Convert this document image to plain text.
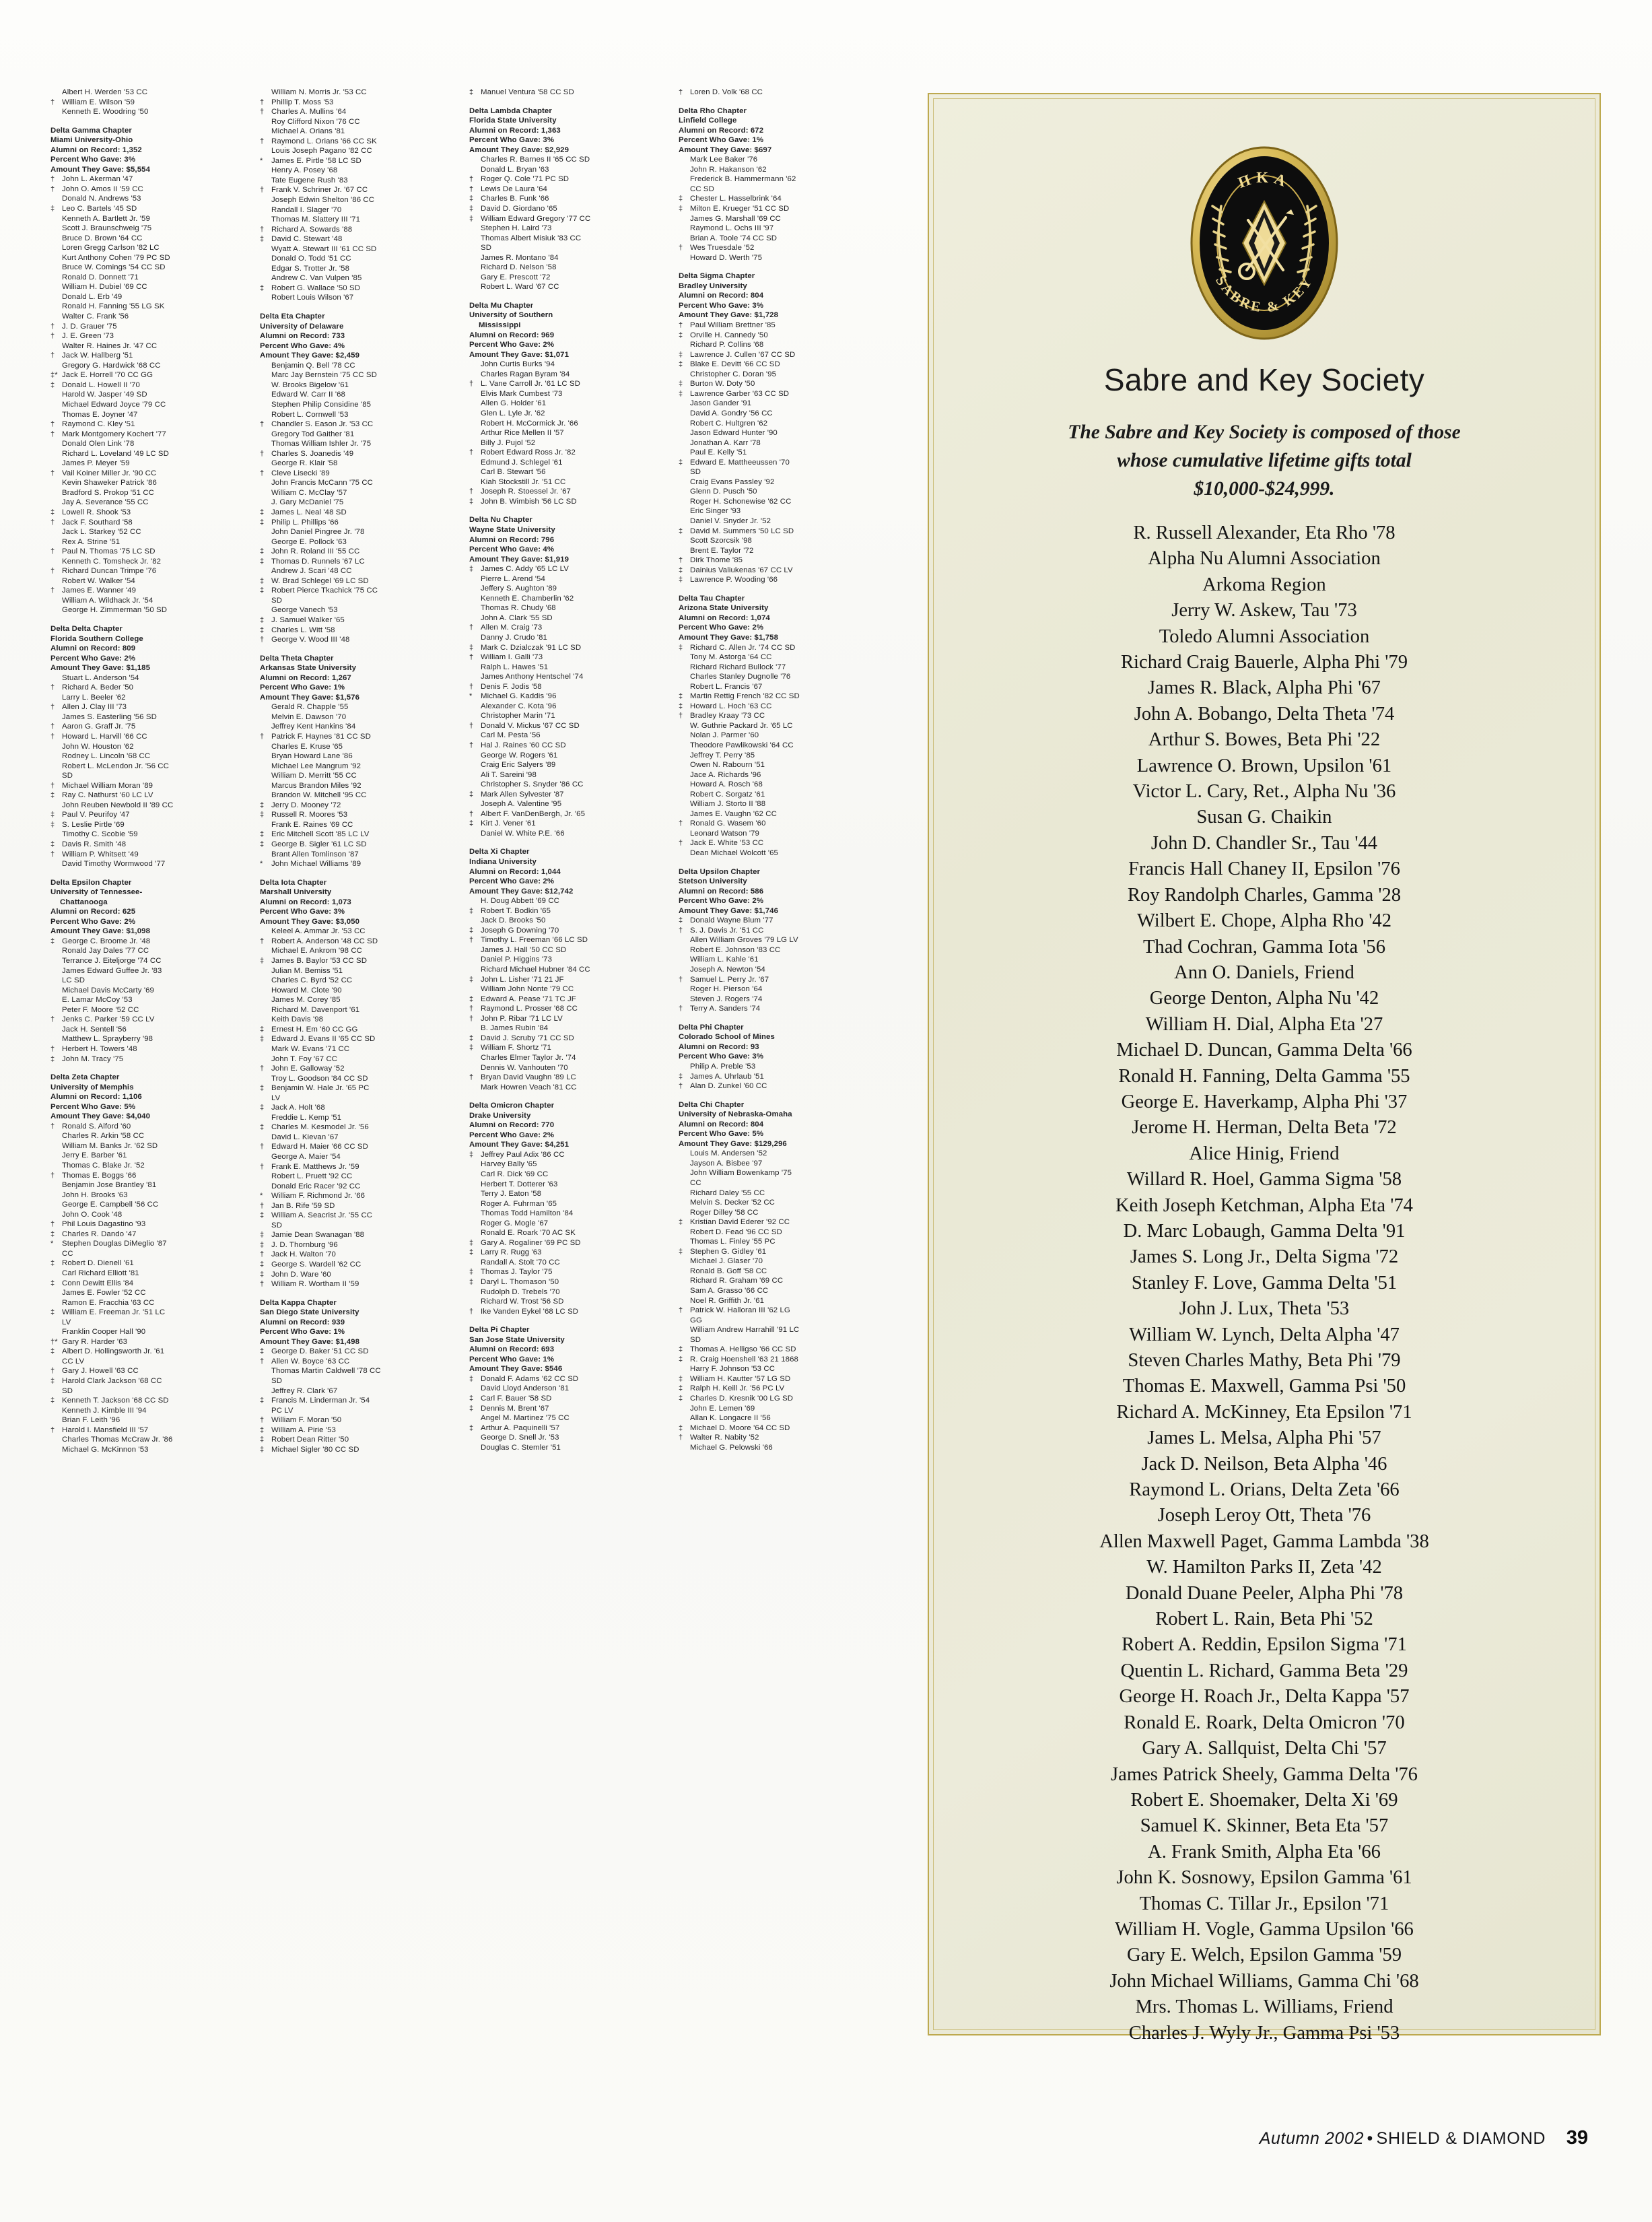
Albert H. Werden '53 CC
† William E. Wilson '59
Kenneth E. Woodring '50
Delta Gamma Chapter
Miami University-Ohio
Alumni on Record: 1,352
Percent Who Gave: 3%
Amount They Gave: $5,554
† John L. Akerman '47
† John O. Amos II '59 CC
Donald N. Andrews '53
‡ Leo C. Bartels '45 SD
Kenneth A. Bartlett Jr. '59
Scott J. Braunschweig '75
Bruce D. Brown '64 CC
Loren Gregg Carlson '82 LC
Kurt Anthony Cohen '79 PC SD
Bruce W. Comings '54 CC SD
Ronald D. Donnett '71
William H. Dubiel '69 CC
Donald L. Erb '49
Ronald H. Fanning '55 LG SK
Walter C. Frank '56
† J. D. Grauer '75
† J. E. Green '73
Walter R. Haines Jr. '47 CC
† Jack W. Hallberg '51
Gregory G. Hardwick '68 CC
‡* Jack E. Horrell '70 CC GG
‡ Donald L. Howell II '70
Harold W. Jasper '49 SD
Michael Edward Joyce '79 CC
Thomas E. Joyner '47
† Raymond C. Kley '51
† Mark Montgomery Kochert '77
Donald Olen Link '78
Richard L. Loveland '49 LC SD
James P. Meyer '59
† Vail Koiner Miller Jr. '90 CC
Kevin Shaweker Patrick '86
Bradford S. Prokop '51 CC
Jay A. Severance '55 CC
‡ Lowell R. Shook '53
† Jack F. Southard '58
Jack L. Starkey '52 CC
Rex A. Strine '51
† Paul N. Thomas '75 LC SD
Kenneth C. Tomsheck Jr. '82
† Richard Duncan Trimpe '76
Robert W. Walker '54
† James E. Wanner '49
William A. Wildhack Jr. '54
George H. Zimmerman '50 SD
Delta Delta Chapter
Florida Southern College
Alumni on Record: 809
Percent Who Gave: 2%
Amount They Gave: $1,185
Stuart L. Anderson '54
† Richard A. Beder '50
Larry L. Beeler '62
† Allen J. Clay III '73
James S. Easterling '56 SD
† Aaron G. Graff Jr. '75
† Howard L. Harvill '66 CC
John W. Houston '62
Rodney L. Lincoln '68 CC
Robert L. McLendon Jr. '56 CC
SD
† Michael William Moran '89
‡ Ray C. Nathurst '60 LC LV
John Reuben Newbold II '89 CC
‡ Paul V. Peurifoy '47
‡ S. Leslie Pirtle '69
Timothy C. Scobie '59
‡ Davis R. Smith '48
† William P. Whitsett '49
David Timothy Wormwood '77
Delta Epsilon Chapter
University of Tennessee-
Chattanooga
Alumni on Record: 625
Percent Who Gave: 2%
Amount They Gave: $1,098
‡ George C. Broome Jr. '48
Ronald Jay Dales '77 CC
Terrance J. Eiteljorge '74 CC
James Edward Guffee Jr. '83
LC SD
Michael Davis McCarty '69
E. Lamar McCoy '53
Peter F. Moore '52 CC
† Jenks C. Parker '59 CC LV
Jack H. Sentell '56
Matthew L. Sprayberry '98
† Herbert H. Towers '48
‡ John M. Tracy '75
Delta Zeta Chapter
University of Memphis
Alumni on Record: 1,106
Percent Who Gave: 5%
Amount They Gave: $4,040
† Ronald S. Alford '60
Charles R. Arkin '58 CC
William M. Banks Jr. '62 SD
Jerry E. Barber '61
Thomas C. Blake Jr. '52
† Thomas E. Boggs '66
Benjamin Jose Brantley '81
John H. Brooks '63
George E. Campbell '56 CC
John O. Cook '48
† Phil Louis Dagastino '93
‡ Charles R. Dando '47
*	Stephen Douglas DiMeglio '87
CC
‡ Robert D. Dienell '61
Carl Richard Elliott '81
‡ Conn Dewitt Ellis '84
James E. Fowler '52 CC
Ramon E. Fracchia '63 CC
‡ William E. Freeman Jr. '51 LC
LV
Franklin Cooper Hall '90
†* Gary R. Harder '63
‡ Albert D. Hollingsworth Jr. '61
CC LV
† Gary J. Howell '63 CC
‡ Harold Clark Jackson '68 CC
SD
‡ Kenneth T. Jackson '68 CC SD
Kenneth J. Kimble III '94
Brian F. Leith '96
† Harold I. Mansfield III '57
Charles Thomas McCraw Jr. '86
Michael G. McKinnon '53
William N. Morris Jr. '53 CC
† Phillip T. Moss '53
† Charles A. Mullins '64
Roy Clifford Nixon '76 CC
Michael A. Orians '81
† Raymond L. Orians '66 CC SK
Louis Joseph Pagano '82 CC
*	James E. Pirtle '58 LC SD
Henry A. Posey '68
Tate Eugene Rush '83
† Frank V. Schriner Jr. '67 CC
Joseph Edwin Shelton '86 CC
Randall I. Slager '70
Thomas M. Slattery III '71
† Richard A. Sowards '88
‡ David C. Stewart '48
Wyatt A. Stewart III '61 CC SD
Donald O. Todd '51 CC
Edgar S. Trotter Jr. '58
Andrew C. Van Vulpen '85
‡ Robert G. Wallace '50 SD
Robert Louis Wilson '67
Delta Eta Chapter
University of Delaware
Alumni on Record: 733
Percent Who Gave: 4%
Amount They Gave: $2,459
Benjamin Q. Bell '78 CC
Marc Jay Bernstein '75 CC SD
W. Brooks Bigelow '61
Edward W. Carr II '68
Stephen Philip Considine '85
Robert L. Cornwell '53
† Chandler S. Eason Jr. '53 CC
Gregory Tod Gaither '81
Thomas William Ishler Jr. '75
† Charles S. Joanedis '49
George R. Klair '58
† Cleve Lisecki '89
John Francis McCann '75 CC
William C. McClay '57
J. Gary McDaniel '75
‡ James L. Neal '48 SD
‡ Philip L. Phillips '66
John Daniel Pingree Jr. '78
George E. Pollock '63
‡ John R. Roland III '55 CC
‡ Thomas D. Runnels '67 LC
Andrew J. Scari '48 CC
‡ W. Brad Schlegel '69 LC SD
‡ Robert Pierce Tkachick '75 CC
SD
George Vanech '53
‡ J. Samuel Walker '65
‡ Charles L. Witt '58
† George V. Wood III '48
Delta Theta Chapter
Arkansas State University
Alumni on Record: 1,267
Percent Who Gave: 1%
Amount They Gave: $1,576
Gerald R. Chapple '55
Melvin E. Dawson '70
Jeffrey Kent Hankins '84
† Patrick F. Haynes '81 CC SD
Charles E. Kruse '65
Bryan Howard Lane '86
Michael Lee Mangrum '92
William D. Merritt '55 CC
Marcus Brandon Miles '92
Brandon W. Mitchell '95 CC
‡ Jerry D. Mooney '72
‡ Russell R. Moores '53
Frank E. Raines '69 CC
‡ Eric Mitchell Scott '85 LC LV
‡ George B. Sigler '61 LC SD
Brant Allen Tomlinson '87
*	John Michael Williams '89
Delta Iota Chapter
Marshall University
Alumni on Record: 1,073
Percent Who Gave: 3%
Amount They Gave: $3,050
Keleel A. Ammar Jr. '53 CC
† Robert A. Anderson '48 CC SD
Michael E. Ankrom '98 CC
‡ James B. Baylor '53 CC SD
Julian M. Bemiss '51
Charles C. Byrd '52 CC
Howard M. Clote '90
James M. Corey '85
Richard M. Davenport '61
Keith Davis '98
‡ Ernest H. Em '60 CC GG
‡ Edward J. Evans II '65 CC SD
Mark W. Evans '71 CC
John T. Foy '67 CC
† John E. Galloway '52
Troy L. Goodson '84 CC SD
‡ Benjamin W. Hale Jr. '65 PC
LV
‡ Jack A. Holt '68
Freddie L. Kemp '51
‡ Charles M. Kesmodel Jr. '56
David L. Kievan '67
† Edward H. Maier '66 CC SD
George A. Maier '54
† Frank E. Matthews Jr. '59
Robert L. Pruett '92 CC
Donald Eric Racer '92 CC
*	William F. Richmond Jr. '66
† Jan B. Rife '59 SD
‡ William A. Seacrist Jr. '55 CC
SD
‡ Jamie Dean Swanagan '88
‡ J. D. Thornburg '96
† Jack H. Walton '70
‡ George S. Wardell '62 CC
‡ John D. Ware '60
† William R. Wortham II '59
Delta Kappa Chapter
San Diego State University
Alumni on Record: 939
Percent Who Gave: 1%
Amount They Gave: $1,498
‡ George D. Baker '51 CC SD
† Allen W. Boyce '63 CC
Thomas Martin Caldwell '78 CC
SD
Jeffrey R. Clark '67
‡ Francis M. Linderman Jr. '54
PC LV
† William F. Moran '50
‡ William A. Pirie '53
‡ Robert Dean Ritter '50
‡ Michael Sigler '80 CC SD
‡ Manuel Ventura '58 CC SD
Delta Lambda Chapter
Florida State University
Alumni on Record: 1,363
Percent Who Gave: 3%
Amount They Gave: $2,929
Charles R. Barnes II '65 CC SD
Donald L. Bryan '63
† Roger Q. Cole '71 PC SD
† Lewis De Laura '64
‡ Charles B. Funk '66
‡ David D. Giordano '65
‡ William Edward Gregory '77 CC
Stephen H. Laird '73
Thomas Albert Misiuk '83 CC
SD
James R. Montano '84
Richard D. Nelson '58
Gary E. Prescott '72
Robert L. Ward '67 CC
Delta Mu Chapter
University of Southern
Mississippi
Alumni on Record: 969
Percent Who Gave: 2%
Amount They Gave: $1,071
John Curtis Burks '94
Charles Ragan Byram '84
† L. Vane Carroll Jr. '61 LC SD
Elvis Mark Cumbest '73
Allen G. Holder '61
Glen L. Lyle Jr. '62
Robert H. McCormick Jr. '66
Arthur Rice Mellen II '57
Billy J. Pujol '52
† Robert Edward Ross Jr. '82
Edmund J. Schlegel '61
Carl B. Stewart '56
Kiah Stockstill Jr. '51 CC
† Joseph R. Stoessel Jr. '67
‡ John B. Wimbish '56 LC SD
Delta Nu Chapter
Wayne State University
Alumni on Record: 796
Percent Who Gave: 4%
Amount They Gave: $1,919
‡ James C. Addy '65 LC LV
Pierre L. Arend '54
Jeffery S. Aughton '89
Kenneth E. Chamberlin '62
Thomas R. Chudy '68
John A. Clark '55 SD
† Allen M. Craig '73
Danny J. Crudo '81
‡ Mark C. Dzialczak '91 LC SD
† William I. Galli '73
Ralph L. Hawes '51
James Anthony Hentschel '74
† Denis F. Jodis '58
*	Michael G. Kaddis '96
Alexander C. Kota '96
Christopher Marin '71
† Donald V. Mickus '67 CC SD
Carl M. Pesta '56
† Hal J. Raines '60 CC SD
George W. Rogers '61
Craig Eric Salyers '89
Ali T. Sareini '98
Christopher S. Snyder '86 CC
‡ Mark Allen Sylvester '87
Joseph A. Valentine '95
† Albert F. VanDenBergh, Jr. '65
‡ Kirt J. Vener '61
Daniel W. White P.E. '66
Delta Xi Chapter
Indiana University
Alumni on Record: 1,044
Percent Who Gave: 2%
Amount They Gave: $12,742
H. Doug Abbett '69 CC
‡ Robert T. Bodkin '65
Jack D. Brooks '50
‡ Joseph G Downing '70
† Timothy L. Freeman '66 LC SD
James J. Hall '50 CC SD
Daniel P. Higgins '73
Richard Michael Hubner '84 CC
‡ John L. Lisher '71 21 JF
William John Nonte '79 CC
‡ Edward A. Pease '71 TC JF
† Raymond L. Prosser '68 CC
† John P. Ribar '71 LC LV
B. James Rubin '84
‡ David J. Scruby '71 CC SD
‡ William F. Shortz '71
Charles Elmer Taylor Jr. '74
Dennis W. Vanhouten '70
† Bryan David Vaughn '89 LC
Mark Howren Veach '81 CC
Delta Omicron Chapter
Drake University
Alumni on Record: 770
Percent Who Gave: 2%
Amount They Gave: $4,251
‡ Jeffrey Paul Adix '86 CC
Harvey Bally '65
Carl R. Dick '69 CC
Herbert T. Dotterer '63
Terry J. Eaton '58
Roger A. Fuhrman '65
Thomas Todd Hamilton '84
Roger G. Mogle '67
Ronald E. Roark '70 AC SK
‡ Gary A. Rogaliner '69 PC SD
‡ Larry R. Rugg '63
Randall A. Stolt '70 CC
‡ Thomas J. Taylor '75
‡ Daryl L. Thomason '50
Rudolph D. Trebels '70
Richard W. Trost '56 SD
† Ike Vanden Eykel '68 LC SD
Delta Pi Chapter
San Jose State University
Alumni on Record: 693
Percent Who Gave: 1%
Amount They Gave: $546
‡ Donald F. Adams '62 CC SD
David Lloyd Anderson '81
‡ Carl F. Bauer '58 SD
‡ Dennis M. Brent '67
Angel M. Martinez '75 CC
‡ Arthur A. Paquinelli '57
George D. Snell Jr. '53
Douglas C. Stemler '51
† Loren D. Volk '68 CC
Delta Rho Chapter
Linfield College
Alumni on Record: 672
Percent Who Gave: 1%
Amount They Gave: $697
Mark Lee Baker '76
John R. Hakanson '62
Frederick B. Hammermann '62
CC SD
‡ Chester L. Hasselbrink '64
‡ Milton E. Krueger '51 CC SD
James G. Marshall '69 CC
Raymond L. Ochs III '97
Brian A. Toole '74 CC SD
† Wes Truesdale '52
Howard D. Werth '75
Delta Sigma Chapter
Bradley University
Alumni on Record: 804
Percent Who Gave: 3%
Amount They Gave: $1,728
† Paul William Brettner '85
‡ Orville H. Cannedy '50
Richard P. Collins '68
‡ Lawrence J. Cullen '67 CC SD
‡ Blake E. Devitt '66 CC SD
Christopher C. Doran '95
‡ Burton W. Doty '50
‡ Lawrence Garber '63 CC SD
Jason Gander '91
David A. Gondry '56 CC
Robert C. Hultgren '62
Jason Edward Hunter '90
Jonathan A. Karr '78
Paul E. Kelly '51
‡ Edward E. Mattheeussen '70
SD
Craig Evans Passley '92
Glenn D. Pusch '50
Roger H. Schonewise '62 CC
Eric Singer '93
Daniel V. Snyder Jr. '52
‡ David M. Summers '50 LC SD
Scott Szorcsik '98
Brent E. Taylor '72
† Dirk Thome '85
‡ Dainius Valiukenas '67 CC LV
‡ Lawrence P. Wooding '66
Delta Tau Chapter
Arizona State University
Alumni on Record: 1,074
Percent Who Gave: 2%
Amount They Gave: $1,758
‡ Richard C. Allen Jr. '74 CC SD
Tony M. Astorga '64 CC
Richard Richard Bullock '77
Charles Stanley Dugnolle '76
Robert L. Francis '67
‡ Martin Rettig French '82 CC SD
‡ Howard L. Hoch '63 CC
† Bradley Kraay '73 CC
W. Guthrie Packard Jr. '65 LC
Nolan J. Parmer '60
Theodore Pawlikowski '64 CC
Jeffrey T. Perry '85
Owen N. Rabourn '51
Jace A. Richards '96
Howard A. Rosch '68
Robert C. Sorgatz '61
William J. Storto II '88
James E. Vaughn '62 CC
† Ronald G. Wasem '60
Leonard Watson '79
† Jack E. White '53 CC
Dean Michael Wolcott '65
Delta Upsilon Chapter
Stetson University
Alumni on Record: 586
Percent Who Gave: 2%
Amount They Gave: $1,746
‡ Donald Wayne Blum '77
† S. J. Davis Jr. '51 CC
Allen William Groves '79 LG LV
Robert E. Johnson '83 CC
William L. Kahle '61
Joseph A. Newton '54
† Samuel L. Perry Jr. '67
Roger H. Pierson '64
Steven J. Rogers '74
† Terry A. Sanders '74
Delta Phi Chapter
Colorado School of Mines
Alumni on Record: 93
Percent Who Gave: 3%
Philip A. Preble '53
‡ James A. Uhrlaub '51
† Alan D. Zunkel '60 CC
Delta Chi Chapter
University of Nebraska-Omaha
Alumni on Record: 804
Percent Who Gave: 5%
Amount They Gave: $129,296
Louis M. Andersen '52
Jayson A. Bisbee '97
John William Bowenkamp '75
CC
Richard Daley '55 CC
Melvin S. Decker '52 CC
Roger Dilley '58 CC
‡ Kristian David Ederer '92 CC
Robert D. Fead '96 CC SD
Thomas L. Finley '55 PC
‡ Stephen G. Gidley '61
Michael J. Glaser '70
Ronald B. Goff '58 CC
Richard R. Graham '69 CC
Sam A. Grasso '66 CC
Noel R. Griffith Jr. '61
† Patrick W. Halloran III '62 LG
GG
William Andrew Harrahill '91 LC
SD
‡ Thomas A. Helligso '66 CC SD
‡ R. Craig Hoenshell '63 21 1868
Harry F. Johnson '53 CC
‡ William H. Kautter '57 LG SD
‡ Ralph H. Keill Jr. '56 PC LV
‡ Charles D. Kresnik '00 LG SD
John E. Lemen '69
Allan K. Longacre II '56
‡ Michael D. Moore '64 CC SD
† Walter R. Nabity '52
Michael G. Pelowski '66
ΠΚΑ
SABRE & KEY
Sabre and Key Society
The Sabre and Key Society is composed of those
whose cumulative lifetime gifts total
$10,000-$24,999.
R. Russell Alexander, Eta Rho '78
Alpha Nu Alumni Association
Arkoma Region
Jerry W. Askew, Tau '73
Toledo Alumni Association
Richard Craig Bauerle, Alpha Phi '79
James R. Black, Alpha Phi '67
John A. Bobango, Delta Theta '74
Arthur S. Bowes, Beta Phi '22
Lawrence O. Brown, Upsilon '61
Victor L. Cary, Ret., Alpha Nu '36
Susan G. Chaikin
John D. Chandler Sr., Tau '44
Francis Hall Chaney II, Epsilon '76
Roy Randolph Charles, Gamma '28
Wilbert E. Chope, Alpha Rho '42
Thad Cochran, Gamma Iota '56
Ann O. Daniels, Friend
George Denton, Alpha Nu '42
William H. Dial, Alpha Eta '27
Michael D. Duncan, Gamma Delta '66
Ronald H. Fanning, Delta Gamma '55
George E. Haverkamp, Alpha Phi '37
Jerome H. Herman, Delta Beta '72
Alice Hinig, Friend
Willard R. Hoel, Gamma Sigma '58
Keith Joseph Ketchman, Alpha Eta '74
D. Marc Lobaugh, Gamma Delta '91
James S. Long Jr., Delta Sigma '72
Stanley F. Love, Gamma Delta '51
John J. Lux, Theta '53
William W. Lynch, Delta Alpha '47
Steven Charles Mathy, Beta Phi '79
Thomas E. Maxwell, Gamma Psi '50
Richard A. McKinney, Eta Epsilon '71
James L. Melsa, Alpha Phi '57
Jack D. Neilson, Beta Alpha '46
Raymond L. Orians, Delta Zeta '66
Joseph Leroy Ott, Theta '76
Allen Maxwell Paget, Gamma Lambda '38
W. Hamilton Parks II, Zeta '42
Donald Duane Peeler, Alpha Phi '78
Robert L. Rain, Beta Phi '52
Robert A. Reddin, Epsilon Sigma '71
Quentin L. Richard, Gamma Beta '29
George H. Roach Jr., Delta Kappa '57
Ronald E. Roark, Delta Omicron '70
Gary A. Sallquist, Delta Chi '57
James Patrick Sheely, Gamma Delta '76
Robert E. Shoemaker, Delta Xi '69
Samuel K. Skinner, Beta Eta '57
A. Frank Smith, Alpha Eta '66
John K. Sosnowy, Epsilon Gamma '61
Thomas C. Tillar Jr., Epsilon '71
William H. Vogle, Gamma Upsilon '66
Gary E. Welch, Epsilon Gamma '59
John Michael Williams, Gamma Chi '68
Mrs. Thomas L. Williams, Friend
Charles J. Wyly Jr., Gamma Psi '53
Autumn 2002 • SHIELD & DIAMOND 39
